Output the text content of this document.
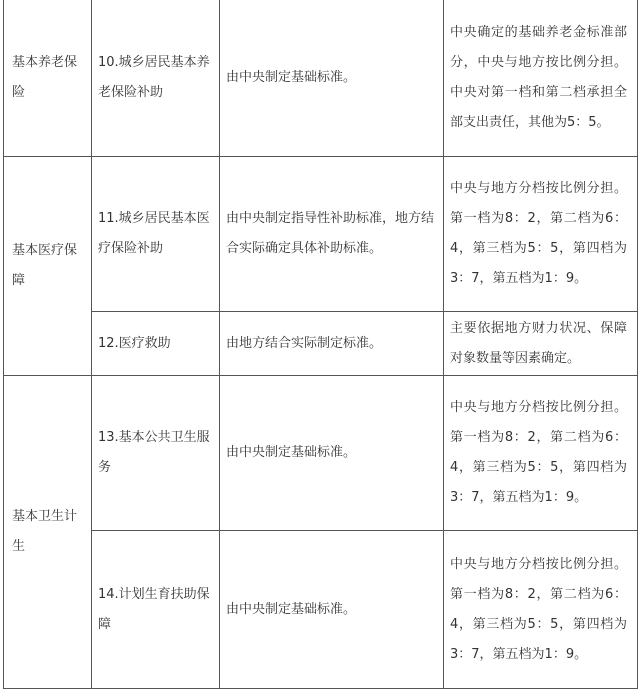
基本养老保险	10.城乡居民基本养老保险补助	由中央制定基础标准。	中央确定的基础养老金标准部分，中央与地方按比例分担。中央对第一档和第二档承担全部支出责任，其他为5：5。
基本医疗保障	11.城乡居民基本医疗保险补助	由中央制定指导性补助标准，地方结合实际确定具体补助标准。	中央与地方分档按比例分担。第一档为8：2，第二档为6：4，第三档为5：5，第四档为3：7，第五档为1：9。
	12.医疗救助	由地方结合实际制定标准。	主要依据地方财力状况、保障对象数量等因素确定。
基本卫生计生	13.基本公共卫生服务	由中央制定基础标准。	中央与地方分档按比例分担。第一档为8：2，第二档为6：4，第三档为5：5，第四档为3：7，第五档为1：9。
	14.计划生育扶助保障	由中央制定基础标准。	中央与地方分档按比例分担。第一档为8：2，第二档为6：4，第三档为5：5，第四档为3：7，第五档为1：9。
